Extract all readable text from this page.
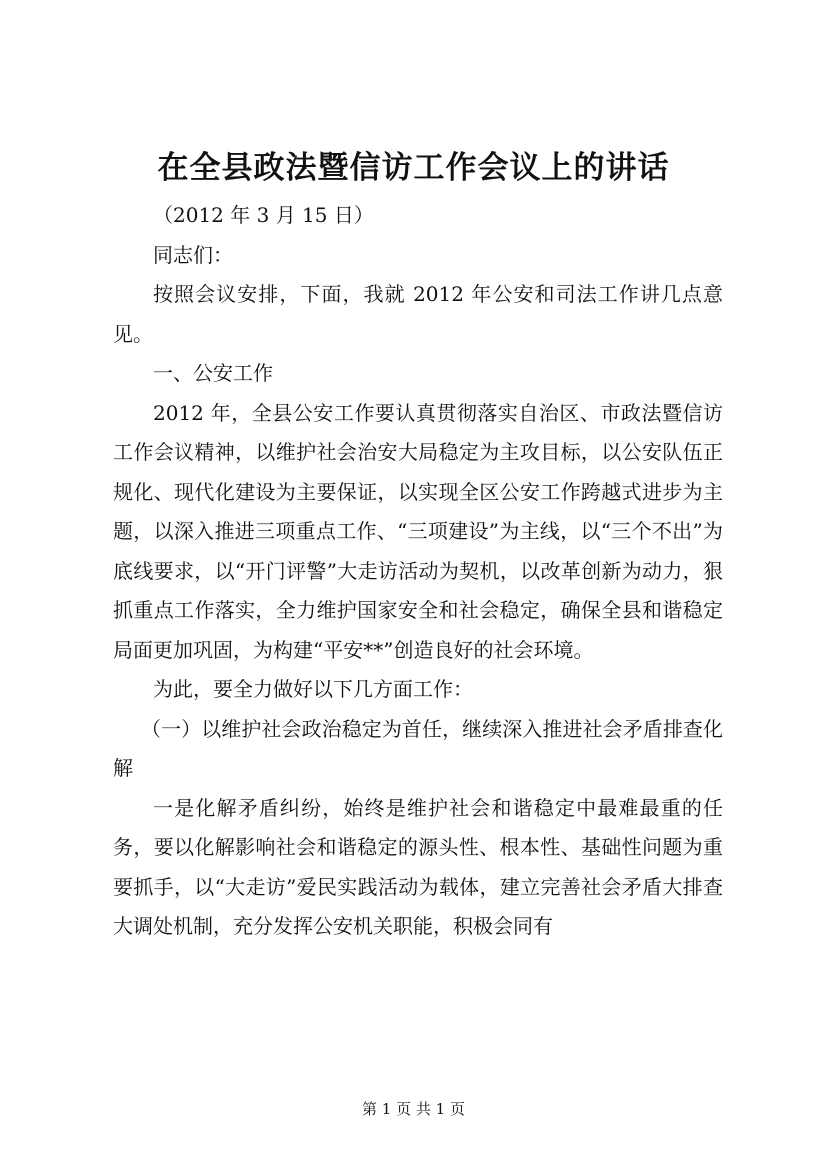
在全县政法暨信访工作会议上的讲话

（2012 年 3 月 15 日）

同志们：

按照会议安排，下面，我就 2012 年公安和司法工作讲几点意见。

一、公安工作

2012 年，全县公安工作要认真贯彻落实自治区、市政法暨信访工作会议精神，以维护社会治安大局稳定为主攻目标，以公安队伍正规化、现代化建设为主要保证，以实现全区公安工作跨越式进步为主题，以深入推进三项重点工作、“三项建设”为主线，以“三个不出”为底线要求，以“开门评警”大走访活动为契机，以改革创新为动力，狠抓重点工作落实，全力维护国家安全和社会稳定，确保全县和谐稳定局面更加巩固，为构建“平安**”创造良好的社会环境。

为此，要全力做好以下几方面工作：

（一）以维护社会政治稳定为首任，继续深入推进社会矛盾排查化解

一是化解矛盾纠纷，始终是维护社会和谐稳定中最难最重的任务，要以化解影响社会和谐稳定的源头性、根本性、基础性问题为重要抓手，以“大走访”爱民实践活动为载体，建立完善社会矛盾大排查大调处机制，充分发挥公安机关职能，积极会同有

第 1 页 共 1 页
